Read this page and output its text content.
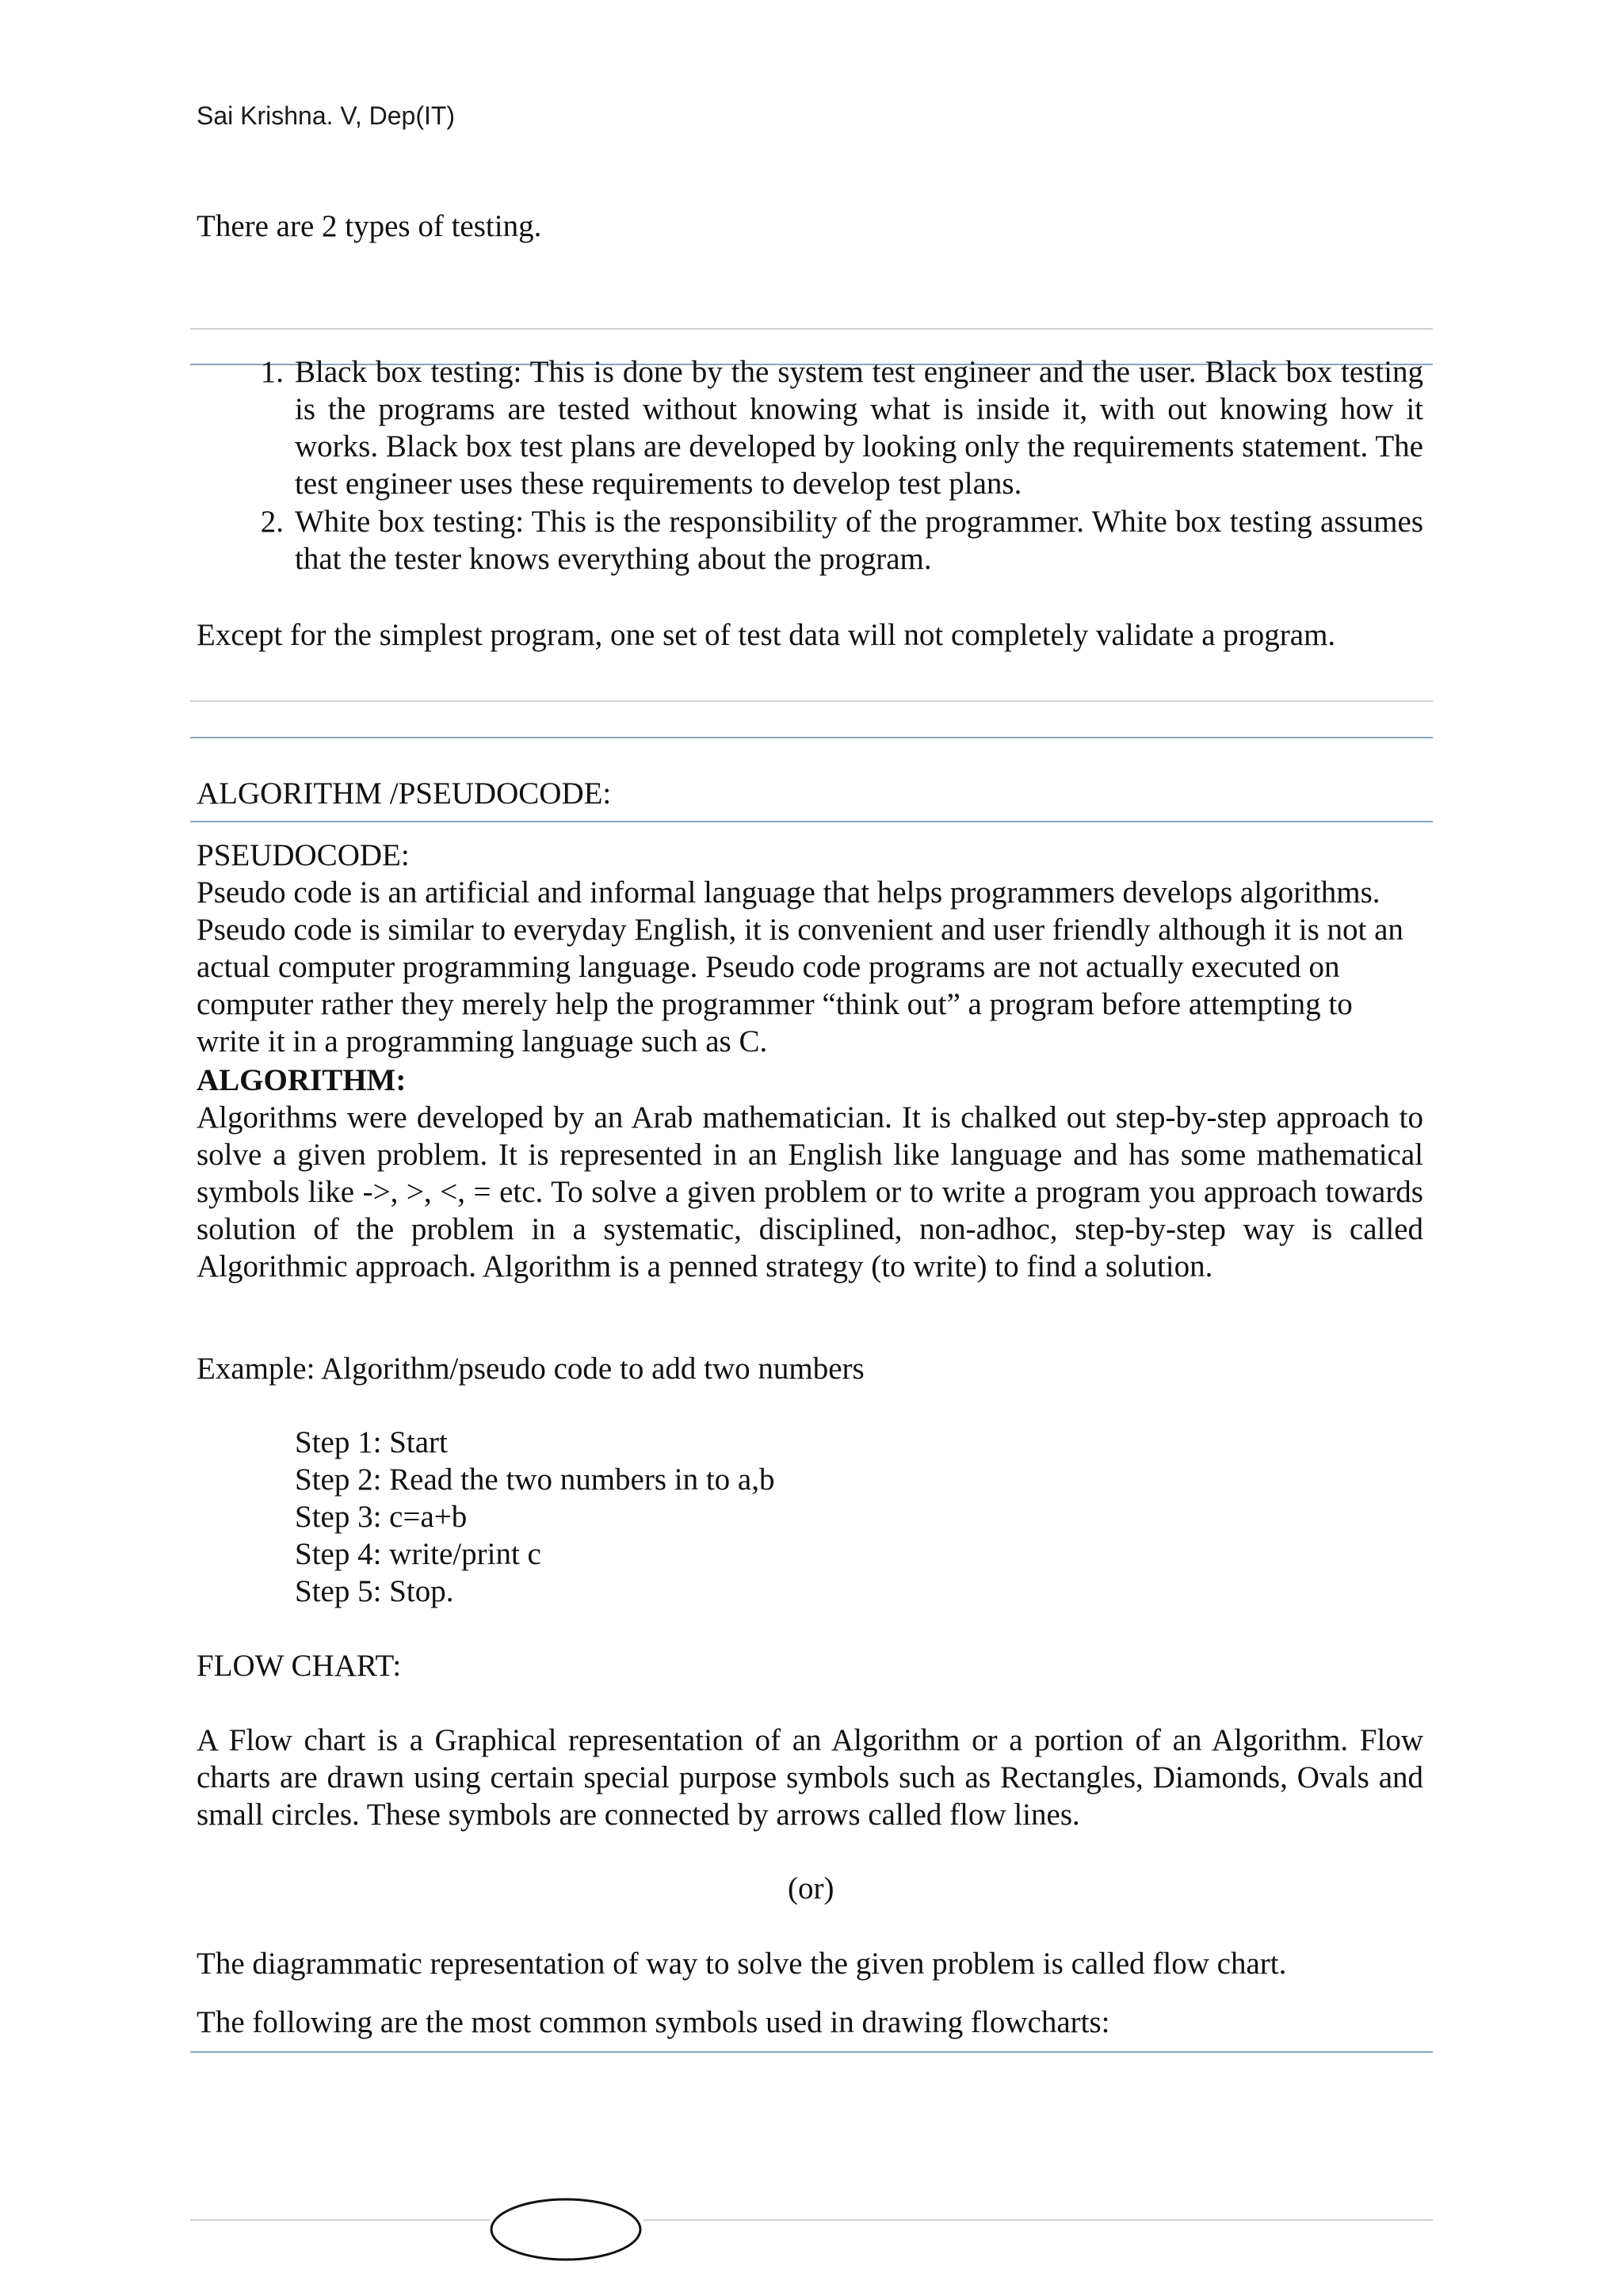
Sai Krishna. V, Dep(IT)
There are 2 types of testing.
1. Black box testing: This is done by the system test engineer and the user. Black box testing is the programs are tested without knowing what is inside it, with out knowing how it works. Black box test plans are developed by looking only the requirements statement. The test engineer uses these requirements to develop test plans.
2. White box testing: This is the responsibility of the programmer. White box testing assumes that the tester knows everything about the program.
Except for the simplest program, one set of test data will not completely validate a program.
ALGORITHM /PSEUDOCODE:
PSEUDOCODE:
Pseudo code is an artificial and informal language that helps programmers develops algorithms. Pseudo code is similar to everyday English, it is convenient and user friendly although it is not an actual computer programming language. Pseudo code programs are not actually executed on computer rather they merely help the programmer “think out” a program before attempting to write it in a programming language such as C.
ALGORITHM:
Algorithms were developed by an Arab mathematician. It is chalked out step-by-step approach to solve a given problem. It is represented in an English like language and has some mathematical symbols like ->, >, <, = etc. To solve a given problem or to write a program you approach towards solution of the problem in a systematic, disciplined, non-adhoc, step-by-step way is called Algorithmic approach. Algorithm is a penned strategy (to write) to find a solution.
Example: Algorithm/pseudo code to add two numbers
Step 1: Start
Step 2: Read the two numbers in to a,b
Step 3: c=a+b
Step 4: write/print c
Step 5: Stop.
FLOW CHART:
A Flow chart is a Graphical representation of an Algorithm or a portion of an Algorithm. Flow charts are drawn using certain special purpose symbols such as Rectangles, Diamonds, Ovals and small circles. These symbols are connected by arrows called flow lines.
(or)
The diagrammatic representation of way to solve the given problem is called flow chart.
The following are the most common symbols used in drawing flowcharts:
